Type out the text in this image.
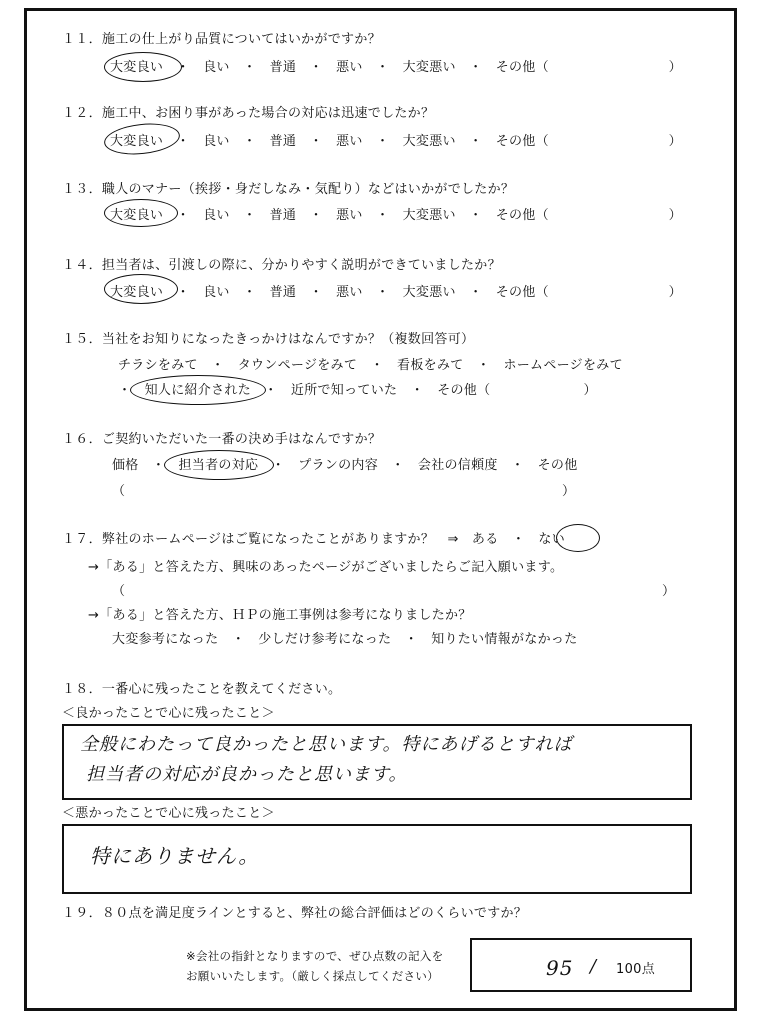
１１．施工の仕上がり品質についてはいかがですか？
大変良い　・　良い　・　普通　・　悪い　・　大変悪い　・　その他（　　　　　　　　　）
１２．施工中、お困り事があった場合の対応は迅速でしたか？
大変良い　・　良い　・　普通　・　悪い　・　大変悪い　・　その他（　　　　　　　　　）
１３．職人のマナー（挨拶・身だしなみ・気配り）などはいかがでしたか？
大変良い　・　良い　・　普通　・　悪い　・　大変悪い　・　その他（　　　　　　　　　）
１４．担当者は、引渡しの際に、分かりやすく説明ができていましたか？
大変良い　・　良い　・　普通　・　悪い　・　大変悪い　・　その他（　　　　　　　　　）
１５．当社をお知りになったきっかけはなんですか？（複数回答可）
チラシをみて　・　タウンページをみて　・　看板をみて　・　ホームページをみて
・　知人に紹介された　・　近所で知っていた　・　その他（　　　　　　　）
１６．ご契約いただいた一番の決め手はなんですか？
価格　・　担当者の対応　・　プランの内容　・　会社の信頼度　・　その他
（	）
１７．弊社のホームページはご覧になったことがありますか？　⇒　ある　・　ない
→「ある」と答えた方、興味のあったページがございましたらご記入願います。
（	）
→「ある」と答えた方、ＨＰの施工事例は参考になりましたか？
大変参考になった　・　少しだけ参考になった　・　知りたい情報がなかった
１８．一番心に残ったことを教えてください。
＜良かったことで心に残ったこと＞
全般にわたって良かったと思います。特にあげるとすれば
担当者の対応が良かったと思います。
＜悪かったことで心に残ったこと＞
特にありません。
１９．８０点を満足度ラインとすると、弊社の総合評価はどのくらいですか？
※会社の指針となりますので、ぜひ点数の記入を
お願いいたします。（厳しく採点してください）	95 / 100点
